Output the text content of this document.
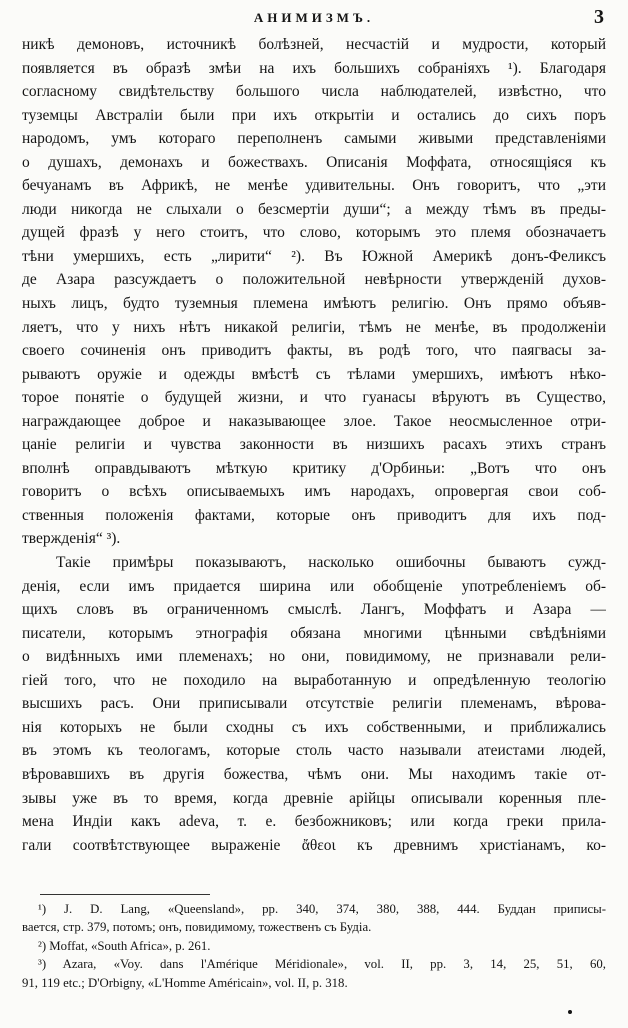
АНИМИЗМЪ.	3
никѣ демоновъ, источникѣ болѣзней, несчастій и мудрости, который
появляется въ образѣ змѣи на ихъ большихъ собраніяхъ ¹). Благодаря
согласному свидѣтельству большого числа наблюдателей, извѣстно, что
туземцы Австраліи были при ихъ открытіи и остались до сихъ поръ
народомъ, умъ котораго переполненъ самыми живыми представленіями
о душахъ, демонахъ и божествахъ. Описанія Моффата, относящіяся къ
бечуанамъ въ Африкѣ, не менѣе удивительны. Онъ говоритъ, что „эти
люди никогда не слыхали о безсмертіи души“; а между тѣмъ въ преды-
дущей фразѣ у него стоитъ, что слово, которымъ это племя обозначаетъ
тѣни умершихъ, есть „лирити“ ²). Въ Южной Америкѣ донъ-Феликсъ
де Азара разсуждаетъ о положительной невѣрности утвержденій духов-
ныхъ лицъ, будто туземныя племена имѣютъ религію. Онъ прямо объяв-
ляетъ, что у нихъ нѣтъ никакой религіи, тѣмъ не менѣе, въ продолженіи
своего сочиненія онъ приводитъ факты, въ родѣ того, что паягвасы за-
рываютъ оружіе и одежды вмѣстѣ съ тѣлами умершихъ, имѣютъ нѣко-
торое понятіе о будущей жизни, и что гуанасы вѣруютъ въ Существо,
награждающее доброе и наказывающее злое. Такое неосмысленное отри-
цаніе религіи и чувства законности въ низшихъ расахъ этихъ странъ
вполнѣ оправдываютъ мѣткую критику д'Орбиньи: „Вотъ что онъ
говоритъ о всѣхъ описываемыхъ имъ народахъ, опровергая свои соб-
ственныя положенія фактами, которые онъ приводитъ для ихъ под-
твержденія“ ³).
Такіе примѣры показываютъ, насколько ошибочны бываютъ сужд-
денія, если имъ придается ширина или обобщеніе употребленіемъ об-
щихъ словъ въ ограниченномъ смыслѣ. Лангъ, Моффатъ и Азара —
писатели, которымъ этнографія обязана многими цѣнными свѣдѣніями
о видѣнныхъ ими племенахъ; но они, повидимому, не признавали рели-
гіей того, что не походило на выработанную и опредѣленную теологію
высшихъ расъ. Они приписывали отсутствіе религіи племенамъ, вѣрова-
нія которыхъ не были сходны съ ихъ собственными, и приближались
въ этомъ къ теологамъ, которые столь часто называли атеистами людей,
вѣровавшихъ въ другія божества, чѣмъ они. Мы находимъ такіе от-
зывы уже въ то время, когда древніе арійцы описывали коренныя пле-
мена Индіи какъ adeva, т. е. безбожниковъ; или когда греки прила-
гали соотвѣтствующее выраженіе ἄθεοι къ древнимъ христіанамъ, ко-
¹) J. D. Lang, «Queensland», pp. 340, 374, 380, 388, 444. Буддан приписы-
вается, стр. 379, потомъ; онъ, повидимому, тожественъ съ Будіа.
²) Moffat, «South Africa», p. 261.
³) Azara, «Voy. dans l'Amérique Méridionale», vol. II, pp. 3, 14, 25, 51, 60,
91, 119 etc.; D'Orbigny, «L'Homme Américain», vol. II, p. 318.
